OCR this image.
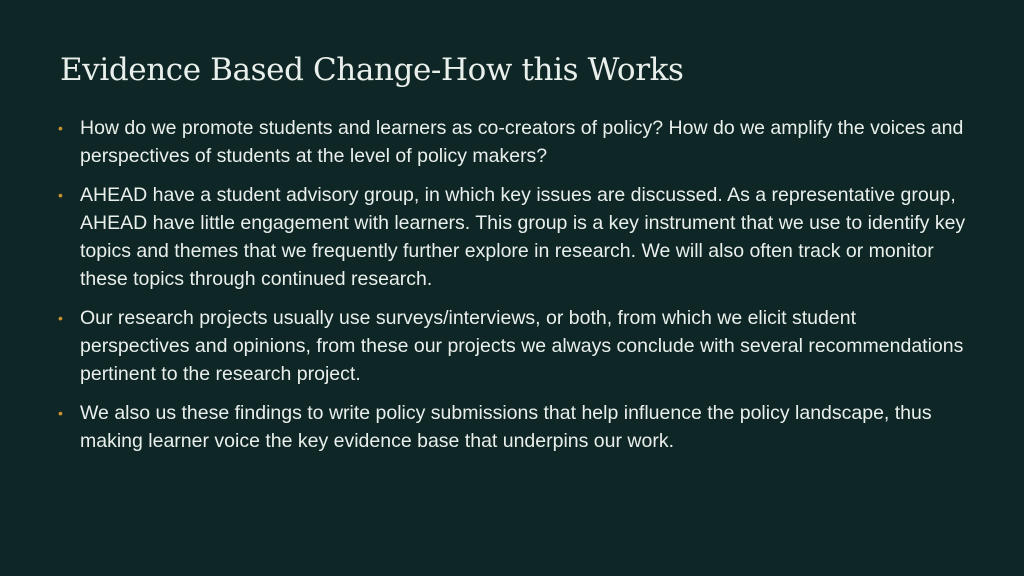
Evidence Based Change-How this Works
• How do we promote students and learners as co-creators of policy? How do we amplify the voices and perspectives of students at the level of policy makers?
• AHEAD have a student advisory group, in which key issues are discussed. As a representative group, AHEAD have little engagement with learners. This group is a key instrument that we use to identify key topics and themes that we frequently further explore in research. We will also often track or monitor these topics through continued research.
• Our research projects usually use surveys/interviews, or both, from which we elicit student perspectives and opinions, from these our projects we always conclude with several recommendations pertinent to the research project.
• We also us these findings to write policy submissions that help influence the policy landscape, thus making learner voice the key evidence base that underpins our work.
